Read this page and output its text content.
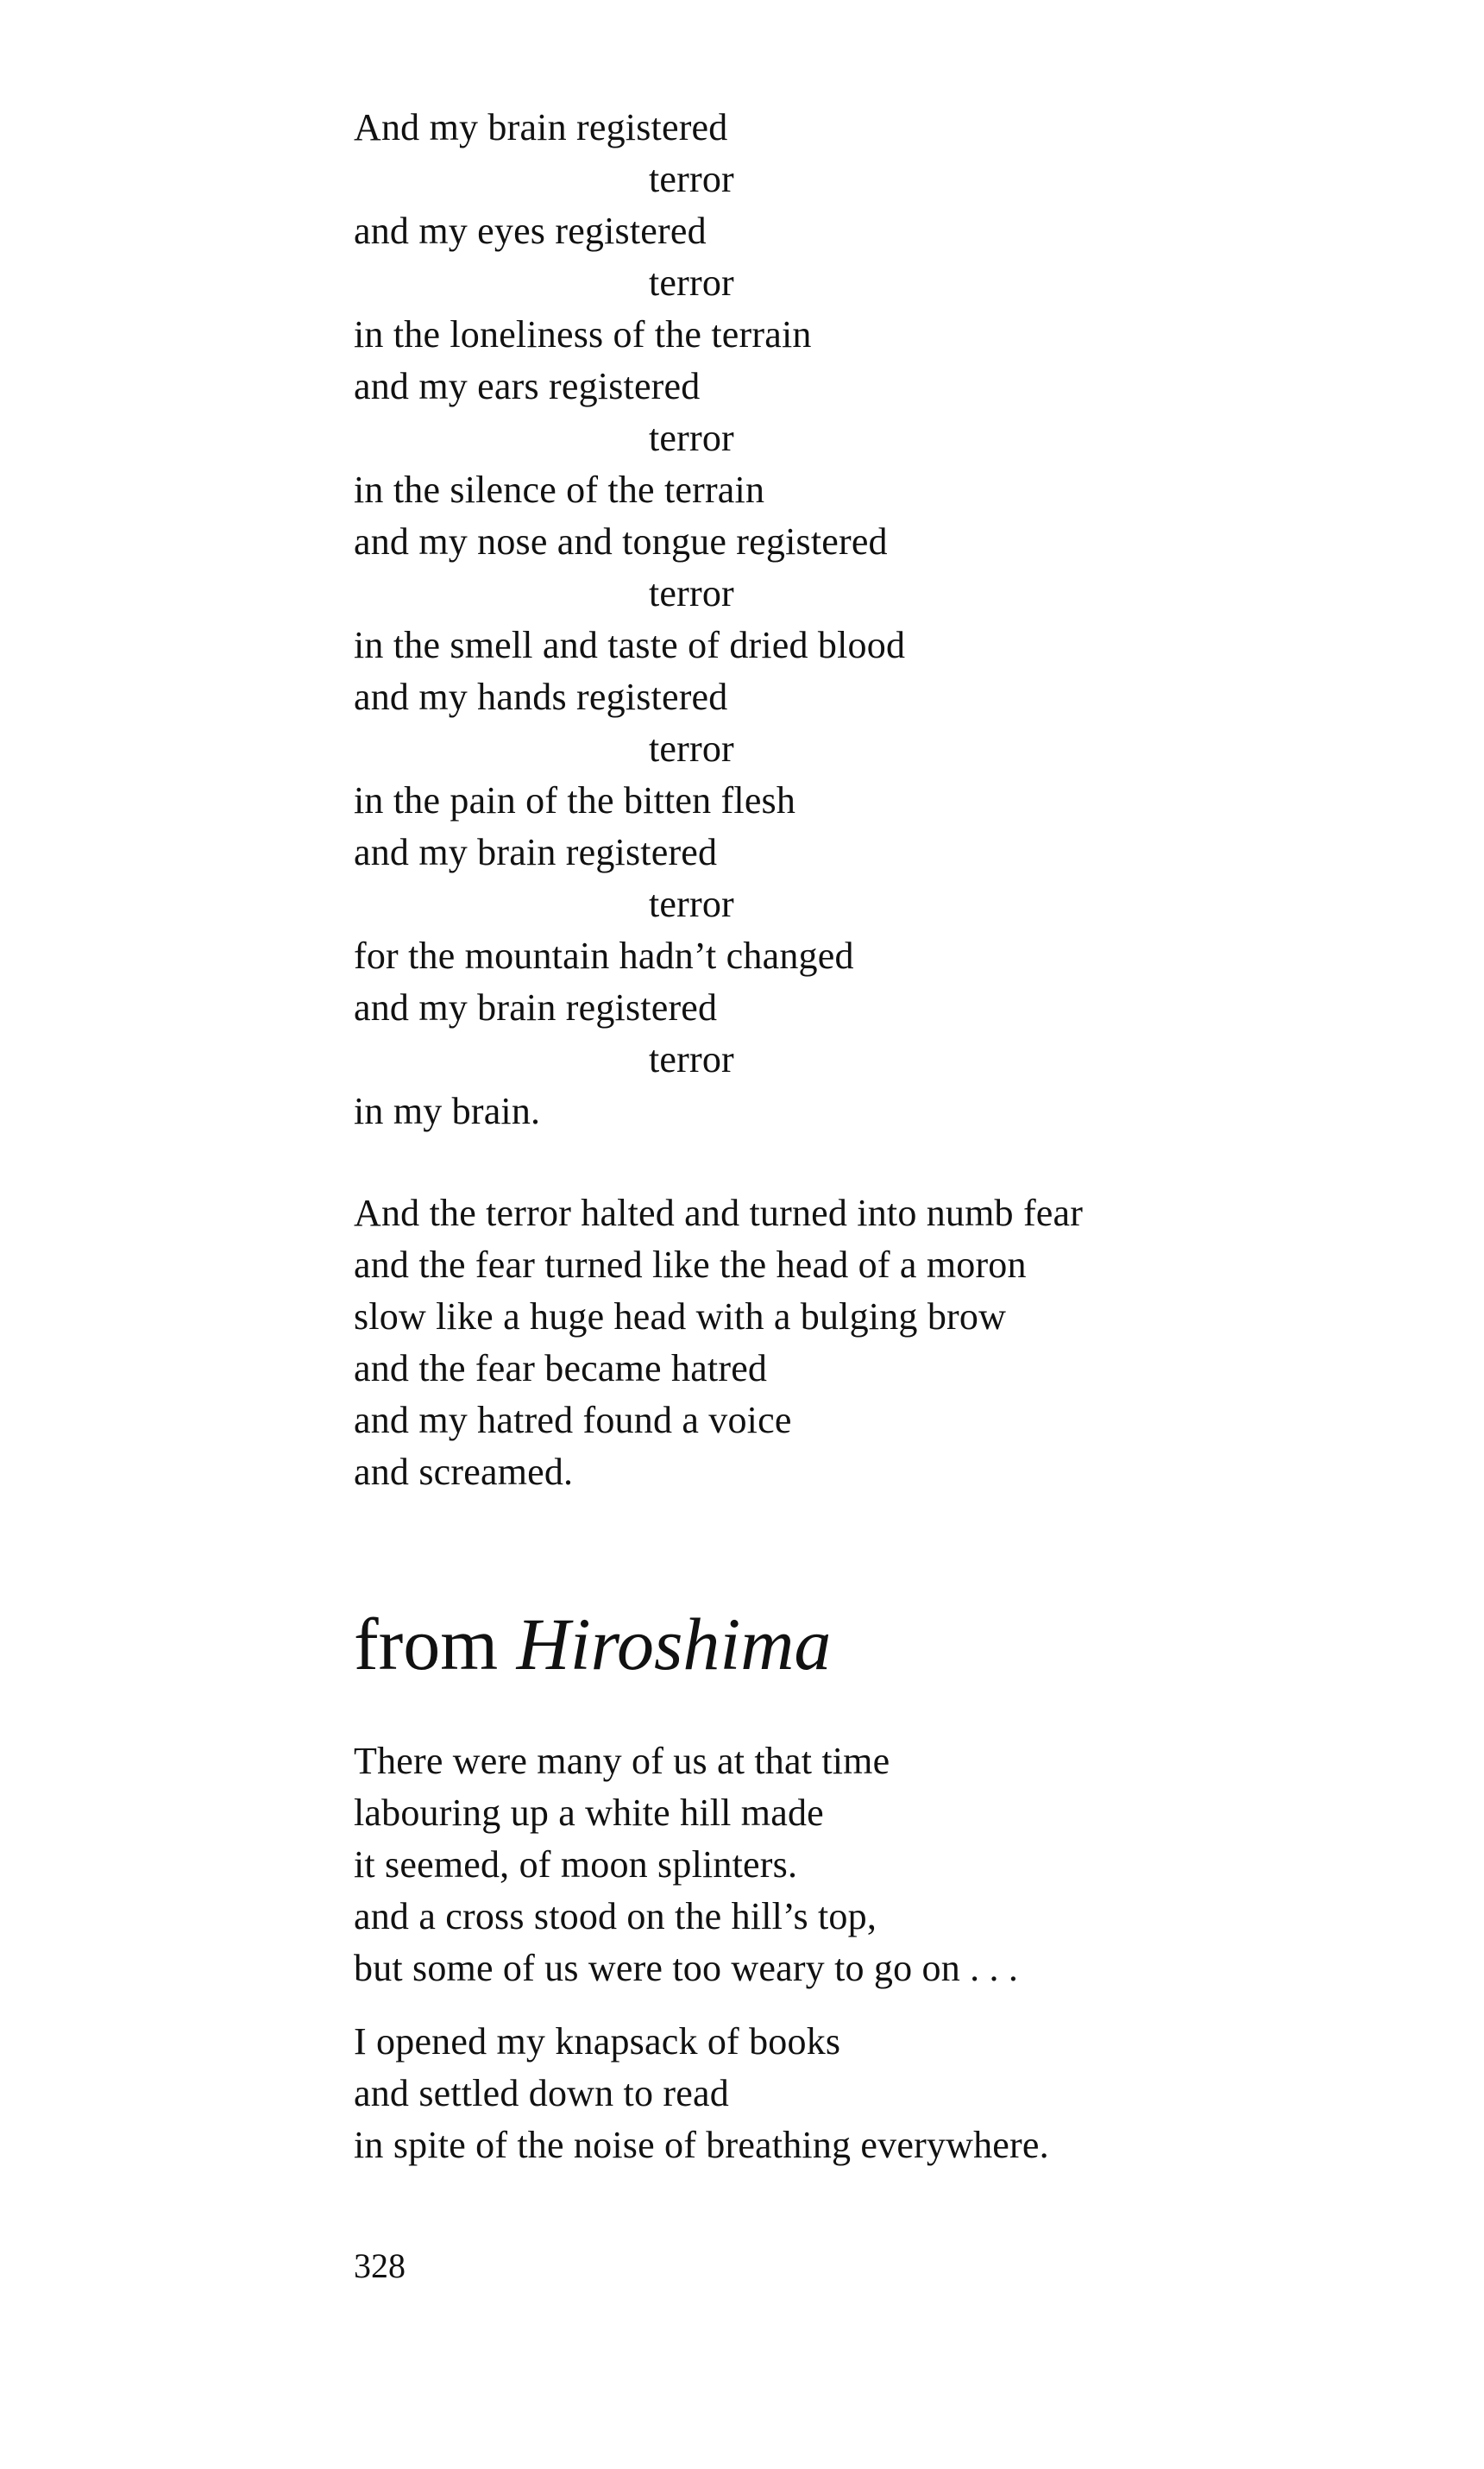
And my brain registered
terror
and my eyes registered
terror
in the loneliness of the terrain
and my ears registered
terror
in the silence of the terrain
and my nose and tongue registered
terror
in the smell and taste of dried blood
and my hands registered
terror
in the pain of the bitten flesh
and my brain registered
terror
for the mountain hadn’t changed
and my brain registered
terror
in my brain.
And the terror halted and turned into numb fear
and the fear turned like the head of a moron
slow like a huge head with a bulging brow
and the fear became hatred
and my hatred found a voice
and screamed.
from Hiroshima
There were many of us at that time
labouring up a white hill made
it seemed, of moon splinters.
and a cross stood on the hill’s top,
but some of us were too weary to go on . . .
I opened my knapsack of books
and settled down to read
in spite of the noise of breathing everywhere.
328
